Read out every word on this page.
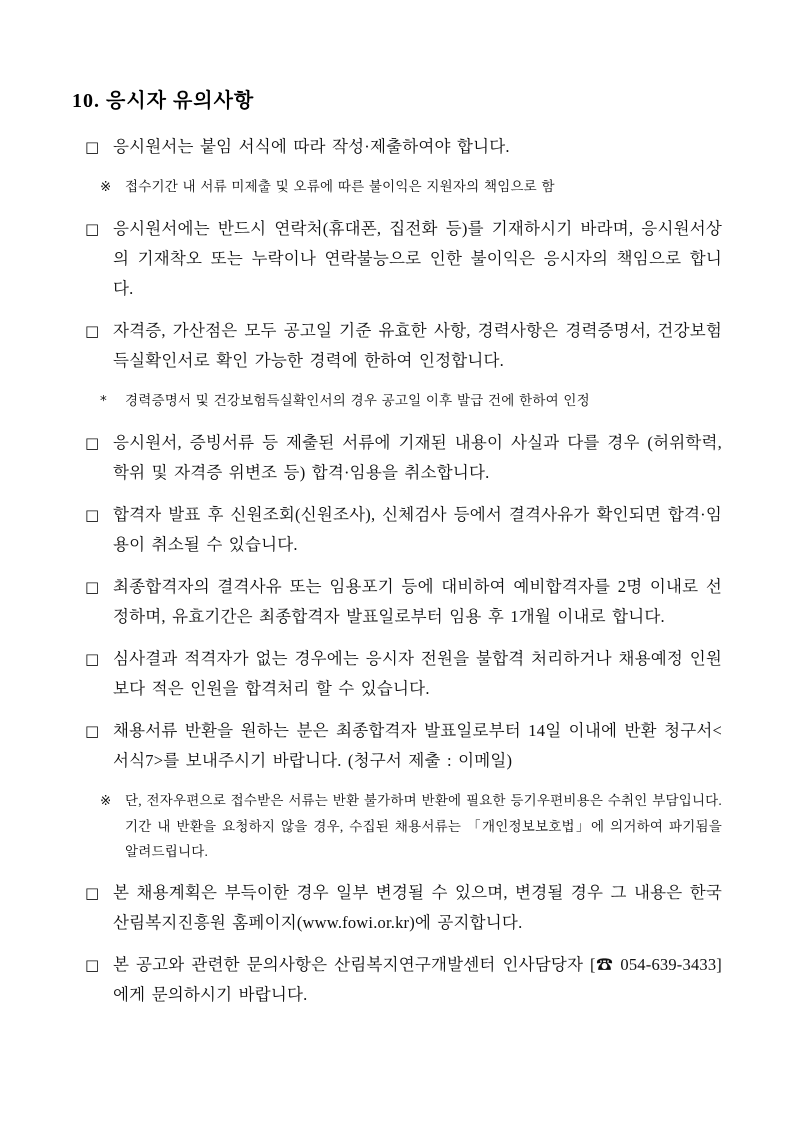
10. 응시자 유의사항
□ 응시원서는 붙임 서식에 따라 작성·제출하여야 합니다.
※ 접수기간 내 서류 미제출 및 오류에 따른 불이익은 지원자의 책임으로 함
□ 응시원서에는 반드시 연락처(휴대폰, 집전화 등)를 기재하시기 바라며, 응시원서상의 기재착오 또는 누락이나 연락불능으로 인한 불이익은 응시자의 책임으로 합니다.
□ 자격증, 가산점은 모두 공고일 기준 유효한 사항, 경력사항은 경력증명서, 건강보험득실확인서로 확인 가능한 경력에 한하여 인정합니다.
* 경력증명서 및 건강보험득실확인서의 경우 공고일 이후 발급 건에 한하여 인정
□ 응시원서, 증빙서류 등 제출된 서류에 기재된 내용이 사실과 다를 경우 (허위학력, 학위 및 자격증 위변조 등) 합격·임용을 취소합니다.
□ 합격자 발표 후 신원조회(신원조사), 신체검사 등에서 결격사유가 확인되면 합격·임용이 취소될 수 있습니다.
□ 최종합격자의 결격사유 또는 임용포기 등에 대비하여 예비합격자를 2명 이내로 선정하며, 유효기간은 최종합격자 발표일로부터 임용 후 1개월 이내로 합니다.
□ 심사결과 적격자가 없는 경우에는 응시자 전원을 불합격 처리하거나 채용예정 인원보다 적은 인원을 합격처리 할 수 있습니다.
□ 채용서류 반환을 원하는 분은 최종합격자 발표일로부터 14일 이내에 반환 청구서<서식7>를 보내주시기 바랍니다. (청구서 제출 : 이메일)
※ 단, 전자우편으로 접수받은 서류는 반환 불가하며 반환에 필요한 등기우편비용은 수취인 부담입니다. 기간 내 반환을 요청하지 않을 경우, 수집된 채용서류는 「개인정보보호법」에 의거하여 파기됨을 알려드립니다.
□ 본 채용계획은 부득이한 경우 일부 변경될 수 있으며, 변경될 경우 그 내용은 한국산림복지진흥원 홈페이지(www.fowi.or.kr)에 공지합니다.
□ 본 공고와 관련한 문의사항은 산림복지연구개발센터 인사담당자 [☎ 054-639-3433]에게 문의하시기 바랍니다.
